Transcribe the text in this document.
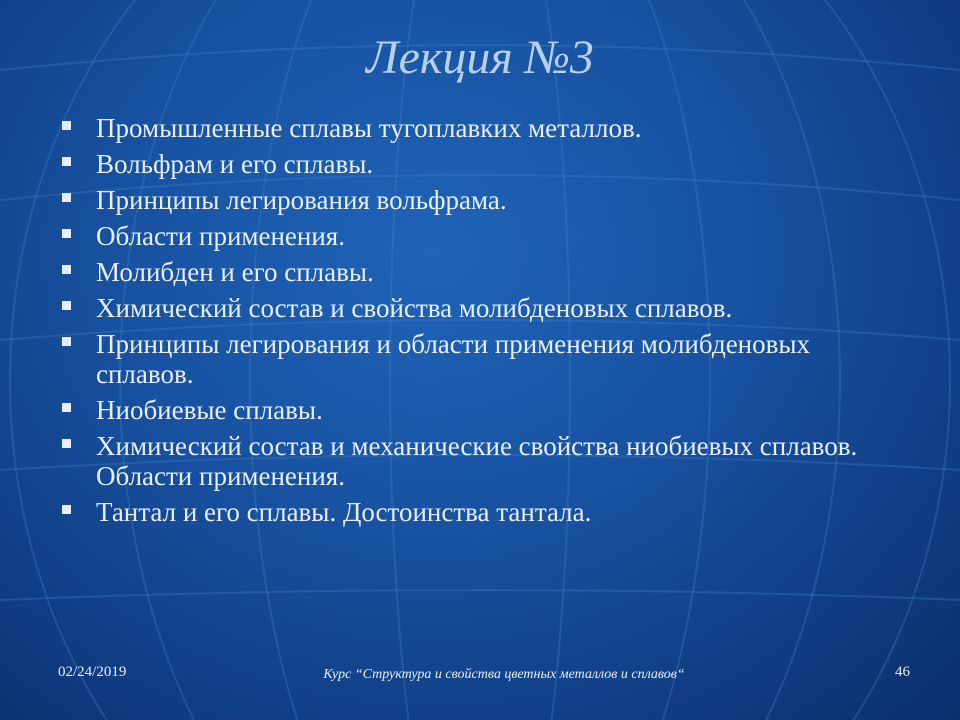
Лекция №3
Промышленные сплавы тугоплавких металлов.
Вольфрам и его сплавы.
Принципы легирования вольфрама.
Области применения.
Молибден и его сплавы.
Химический состав и свойства молибденовых сплавов.
Принципы легирования и области применения молибденовых сплавов.
Ниобиевые сплавы.
Химический состав и механические свойства ниобиевых сплавов. Области применения.
Тантал и его сплавы. Достоинства тантала.
02/24/2019	Курс “Структура и свойства цветных металлов и сплавов“	46
